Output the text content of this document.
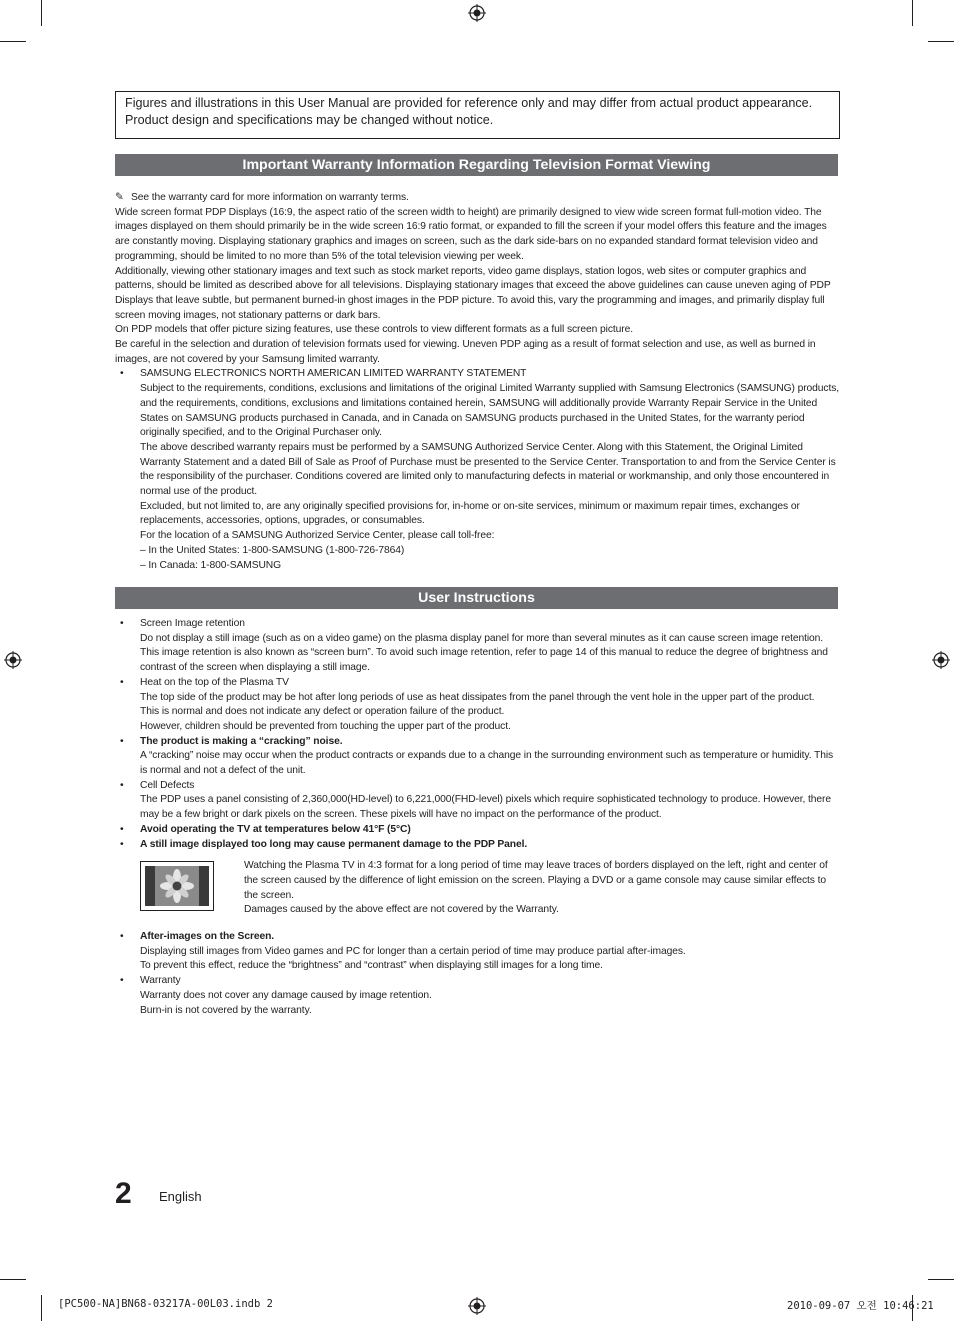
Figures and illustrations in this User Manual are provided for reference only and may differ from actual product appearance.
Product design and specifications may be changed without notice.
Important Warranty Information Regarding Television Format Viewing

✎ See the warranty card for more information on warranty terms.

Wide screen format PDP Displays (16:9, the aspect ratio of the screen width to height) are primarily designed to view wide screen format full-motion video. The images displayed on them should primarily be in the wide screen 16:9 ratio format, or expanded to fill the screen if your model offers this feature and the images are constantly moving. Displaying stationary graphics and images on screen, such as the dark side-bars on no expanded standard format television video and programming, should be limited to no more than 5% of the total television viewing per week.

Additionally, viewing other stationary images and text such as stock market reports, video game displays, station logos, web sites or computer graphics and patterns, should be limited as described above for all televisions. Displaying stationary images that exceed the above guidelines can cause uneven aging of PDP Displays that leave subtle, but permanent burned-in ghost images in the PDP picture. To avoid this, vary the programming and images, and primarily display full screen moving images, not stationary patterns or dark bars.

On PDP models that offer picture sizing features, use these controls to view different formats as a full screen picture.

Be careful in the selection and duration of television formats used for viewing. Uneven PDP aging as a result of format selection and use, as well as burned in images, are not covered by your Samsung limited warranty.

• SAMSUNG ELECTRONICS NORTH AMERICAN LIMITED WARRANTY STATEMENT

Subject to the requirements, conditions, exclusions and limitations of the original Limited Warranty supplied with Samsung Electronics (SAMSUNG) products, and the requirements, conditions, exclusions and limitations contained herein, SAMSUNG will additionally provide Warranty Repair Service in the United States on SAMSUNG products purchased in Canada, and in Canada on SAMSUNG products purchased in the United States, for the warranty period originally specified, and to the Original Purchaser only.

The above described warranty repairs must be performed by a SAMSUNG Authorized Service Center. Along with this Statement, the Original Limited Warranty Statement and a dated Bill of Sale as Proof of Purchase must be presented to the Service Center. Transportation to and from the Service Center is the responsibility of the purchaser. Conditions covered are limited only to manufacturing defects in material or workmanship, and only those encountered in normal use of the product.

Excluded, but not limited to, are any originally specified provisions for, in-home or on-site services, minimum or maximum repair times, exchanges or replacements, accessories, options, upgrades, or consumables.

For the location of a SAMSUNG Authorized Service Center, please call toll-free:

– In the United States: 1-800-SAMSUNG (1-800-726-7864)

– In Canada: 1-800-SAMSUNG

User Instructions
• Screen Image retention

Do not display a still image (such as on a video game) on the plasma display panel for more than several minutes as it can cause screen image retention. This image retention is also known as “screen burn”. To avoid such image retention, refer to page 14 of this manual to reduce the degree of brightness and contrast of the screen when displaying a still image.

• Heat on the top of the Plasma TV

The top side of the product may be hot after long periods of use as heat dissipates from the panel through the vent hole in the upper part of the product.

This is normal and does not indicate any defect or operation failure of the product.

However, children should be prevented from touching the upper part of the product.

• The product is making a “cracking” noise.

A “cracking” noise may occur when the product contracts or expands due to a change in the surrounding environment such as temperature or humidity. This is normal and not a defect of the unit.

• Cell Defects

The PDP uses a panel consisting of 2,360,000(HD-level) to 6,221,000(FHD-level) pixels which require sophisticated technology to produce. However, there may be a few bright or dark pixels on the screen. These pixels will have no impact on the performance of the product.

• Avoid operating the TV at temperatures below 41°F (5°C)
• A still image displayed too long may cause permanent damage to the PDP Panel.

Watching the Plasma TV in 4:3 format for a long period of time may leave traces of borders displayed on the left, right and center of the screen caused by the difference of light emission on the screen. Playing a DVD or a game console may cause similar effects to the screen.

Damages caused by the above effect are not covered by the Warranty.

• After-images on the Screen.

Displaying still images from Video games and PC for longer than a certain period of time may produce partial after-images.

To prevent this effect, reduce the “brightness” and “contrast” when displaying still images for a long time.

• Warranty

Warranty does not cover any damage caused by image retention.

Burn-in is not covered by the warranty.

2 English
[PC500-NA]BN68-03217A-00L03.indb 2	2010-09-07 오전 10:46:21
